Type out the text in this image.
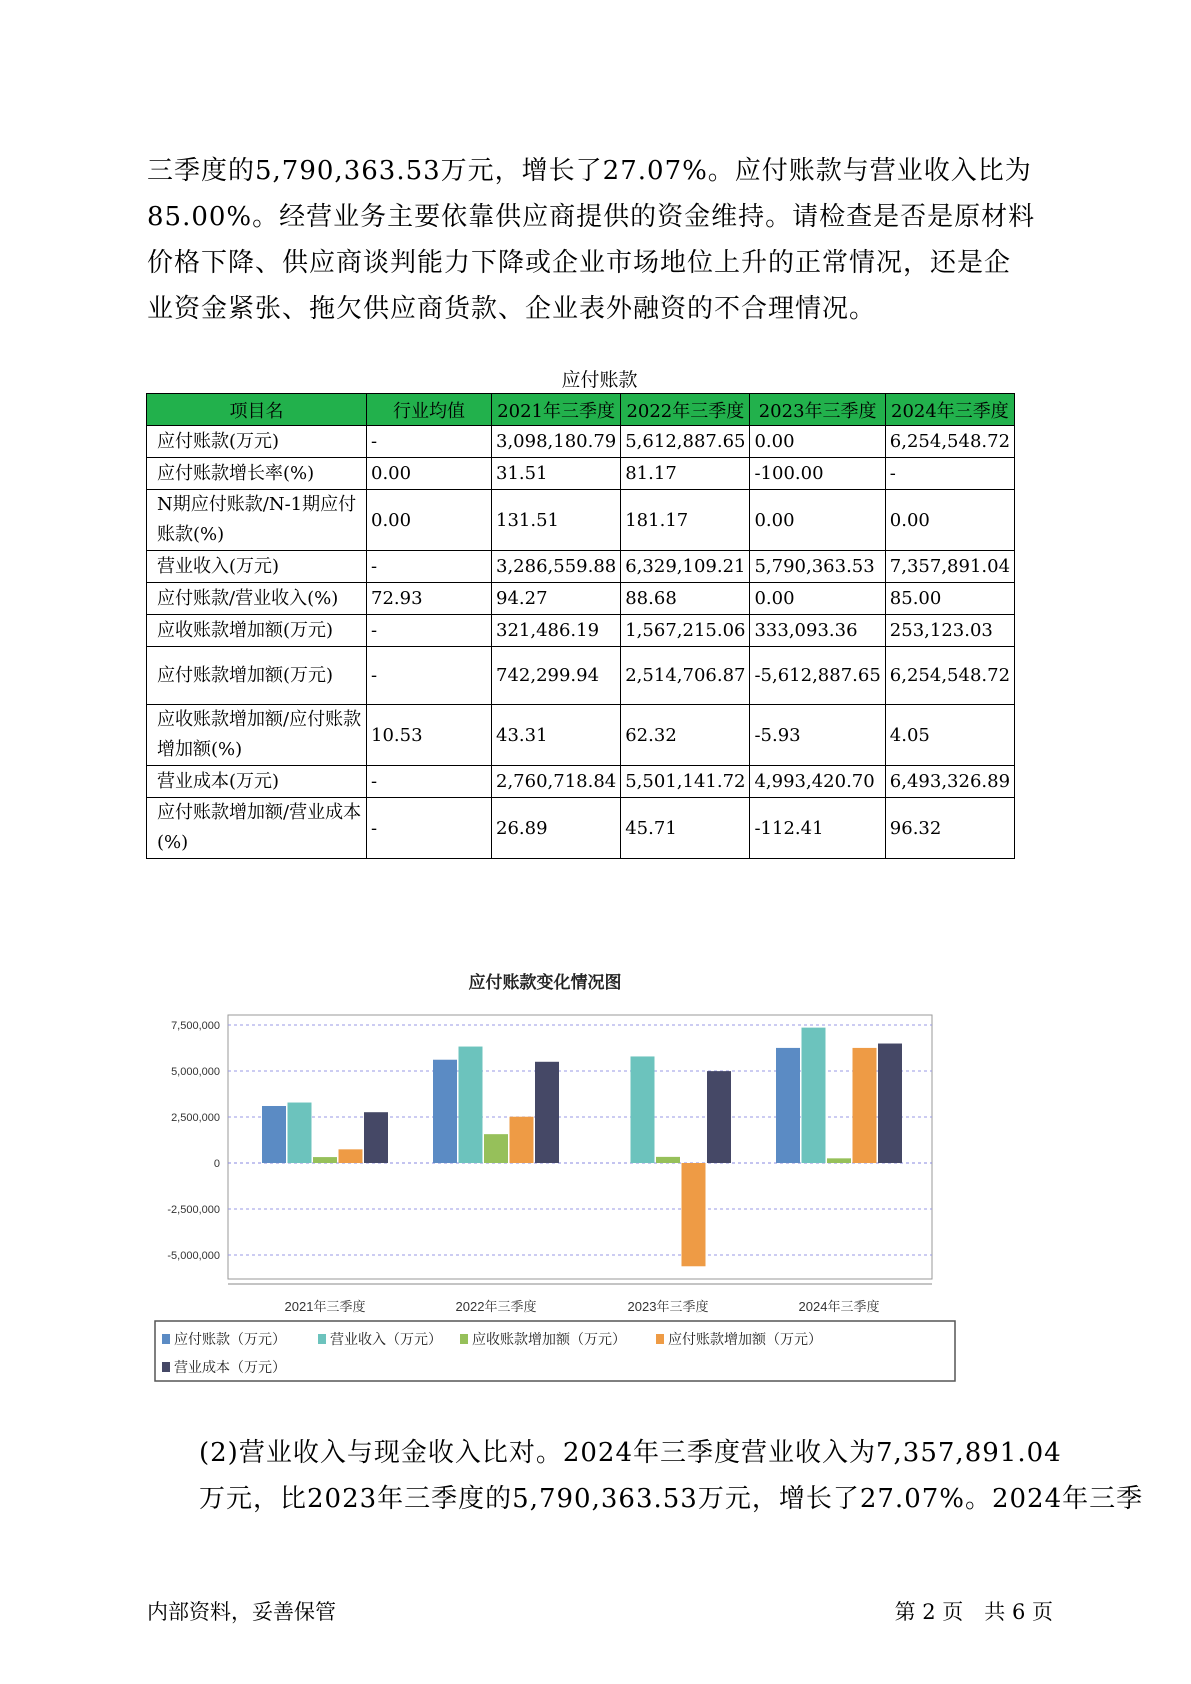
三季度的5,790,363.53万元，增长了27.07%。应付账款与营业收入比为
85.00%。经营业务主要依靠供应商提供的资金维持。请检查是否是原材料
价格下降、供应商谈判能力下降或企业市场地位上升的正常情况，还是企
业资金紧张、拖欠供应商货款、企业表外融资的不合理情况。
应付账款
项目名	行业均值	2021年三季度	2022年三季度	2023年三季度	2024年三季度
应付账款(万元)	-	3,098,180.79	5,612,887.65	0.00	6,254,548.72
应付账款增长率(%)	0.00	31.51	81.17	-100.00	-
N期应付账款/N-1期应付账款(%)	0.00	131.51	181.17	0.00	0.00
营业收入(万元)	-	3,286,559.88	6,329,109.21	5,790,363.53	7,357,891.04
应付账款/营业收入(%)	72.93	94.27	88.68	0.00	85.00
应收账款增加额(万元)	-	321,486.19	1,567,215.06	333,093.36	253,123.03
应付账款增加额(万元)	-	742,299.94	2,514,706.87	-5,612,887.65	6,254,548.72
应收账款增加额/应付账款增加额(%)	10.53	43.31	62.32	-5.93	4.05
营业成本(万元)	-	2,760,718.84	5,501,141.72	4,993,420.70	6,493,326.89
应付账款增加额/营业成本(%)	-	26.89	45.71	-112.41	96.32
应付账款变化情况图
7,500,000
5,000,000
2,500,000
0
-2,500,000
-5,000,000
2021年三季度	2022年三季度	2023年三季度	2024年三季度
应付账款（万元）	营业收入（万元） 应收账款增加额（万元）	应付账款增加额（万元）
营业成本（万元）
(2)营业收入与现金收入比对。2024年三季度营业收入为7,357,891.04
万元，比2023年三季度的5,790,363.53万元，增长了27.07%。2024年三季
内部资料，妥善保管	第 2 页　共 6 页
